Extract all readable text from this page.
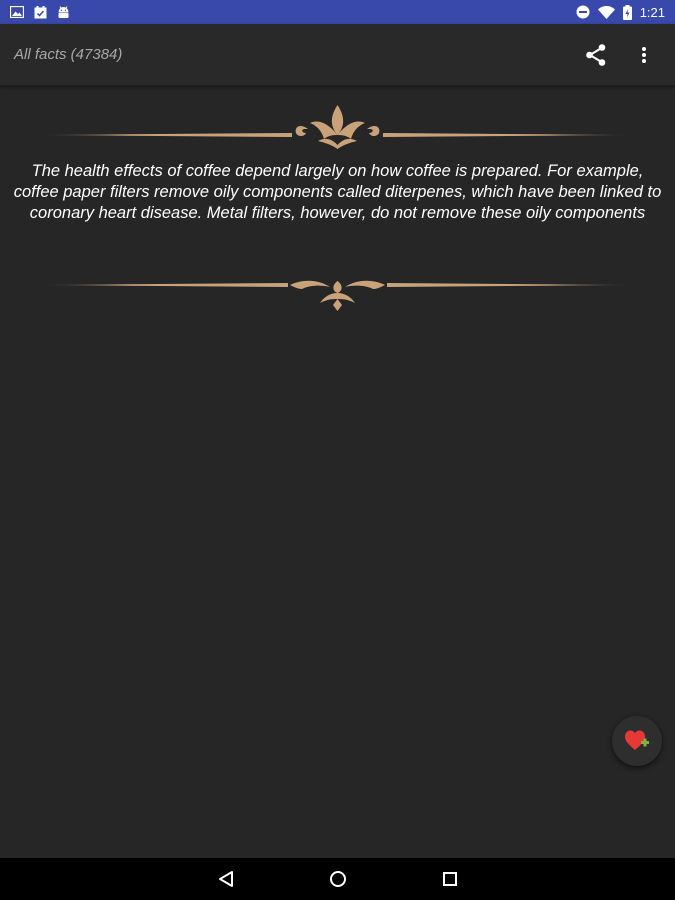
1:21
All facts (47384)
The health effects of coffee depend largely on how coffee is prepared. For example, coffee paper filters remove oily components called diterpenes, which have been linked to coronary heart disease. Metal filters, however, do not remove these oily components
